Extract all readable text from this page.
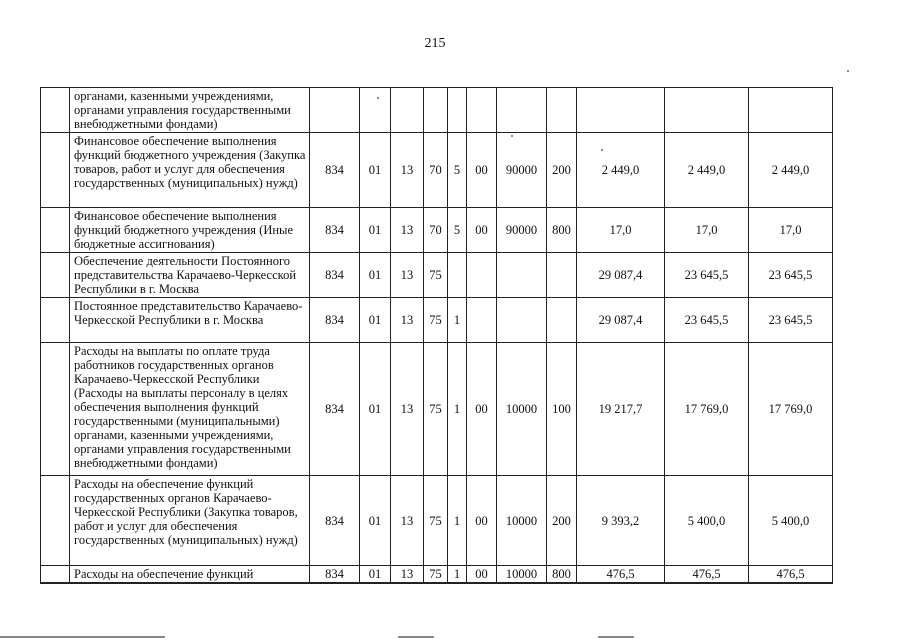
215
	органами, казенными учреждениями, органами управления государственными внебюджетными фондами)											
	Финансовое обеспечение выполнения функций бюджетного учреждения (Закупка товаров, работ и услуг для обеспечения государственных (муниципальных) нужд)	834	01	13	70	5	00	90000	200	2 449,0	2 449,0	2 449,0
	Финансовое обеспечение выполнения функций бюджетного учреждения (Иные бюджетные ассигнования)	834	01	13	70	5	00	90000	800	17,0	17,0	17,0
	Обеспечение деятельности Постоянного представительства Карачаево-Черкесской Республики в г. Москва	834	01	13	75					29 087,4	23 645,5	23 645,5
	Постоянное представительство Карачаево-Черкесской Республики в г. Москва	834	01	13	75	1				29 087,4	23 645,5	23 645,5
	Расходы на выплаты по оплате труда работников государственных органов Карачаево-Черкесской Республики (Расходы на выплаты персоналу в целях обеспечения выполнения функций государственными (муниципальными) органами, казенными учреждениями, органами управления государственными внебюджетными фондами)	834	01	13	75	1	00	10000	100	19 217,7	17 769,0	17 769,0
	Расходы на обеспечение функций государственных органов Карачаево-Черкесской Республики (Закупка товаров, работ и услуг для обеспечения государственных (муниципальных) нужд)	834	01	13	75	1	00	10000	200	9 393,2	5 400,0	5 400,0
	Расходы на обеспечение функций	834	01	13	75	1	00	10000	800	476,5	476,5	476,5
